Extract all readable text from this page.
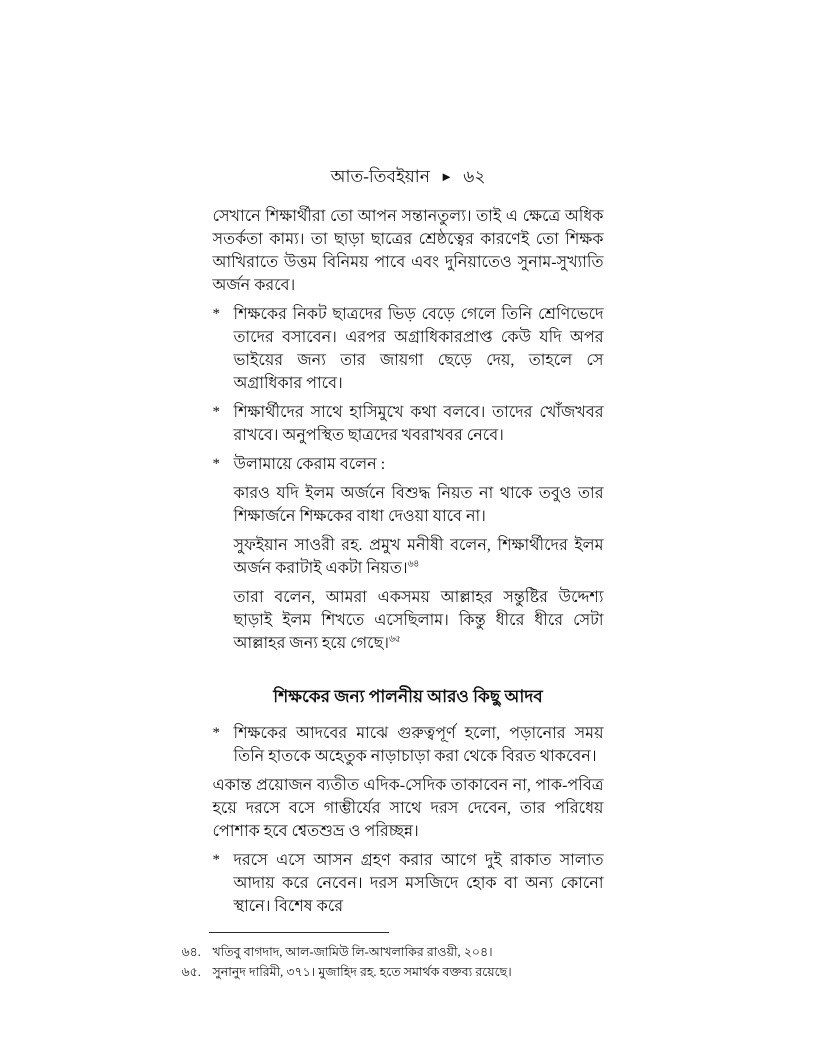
আত-তিবইয়ান ► ৬২

সেখানে শিক্ষার্থীরা তো আপন সন্তানতুল্য। তাই এ ক্ষেত্রে অধিক সতর্কতা কাম্য। তা ছাড়া ছাত্রের শ্রেষ্ঠত্বের কারণেই তো শিক্ষক আখিরাতে উত্তম বিনিময় পাবে এবং দুনিয়াতেও সুনাম-সুখ্যাতি অর্জন করবে।

* শিক্ষকের নিকট ছাত্রদের ভিড় বেড়ে গেলে তিনি শ্রেণিভেদে তাদের বসাবেন। এরপর অগ্রাধিকারপ্রাপ্ত কেউ যদি অপর ভাইয়ের জন্য তার জায়গা ছেড়ে দেয়, তাহলে সে অগ্রাধিকার পাবে।
* শিক্ষার্থীদের সাথে হাসিমুখে কথা বলবে। তাদের খোঁজখবর রাখবে। অনুপস্থিত ছাত্রদের খবরাখবর নেবে।
* উলামায়ে কেরাম বলেন :

কারও যদি ইলম অর্জনে বিশুদ্ধ নিয়ত না থাকে তবুও তার শিক্ষার্জনে শিক্ষকের বাধা দেওয়া যাবে না।

সুফইয়ান সাওরী রহ. প্রমুখ মনীষী বলেন, শিক্ষার্থীদের ইলম অর্জন করাটাই একটা নিয়ত।$^{৬৪}$

তারা বলেন, আমরা একসময় আল্লাহর সন্তুষ্টির উদ্দেশ্য ছাড়াই ইলম শিখতে এসেছিলাম। কিন্তু ধীরে ধীরে সেটা আল্লাহর জন্য হয়ে গেছে।$^{৬৫}$

শিক্ষকের জন্য পালনীয় আরও কিছু আদব
* শিক্ষকের আদবের মাঝে গুরুত্বপূর্ণ হলো, পড়ানোর সময় তিনি হাতকে অহেতুক নাড়াচাড়া করা থেকে বিরত থাকবেন।

একান্ত প্রয়োজন ব্যতীত এদিক-সেদিক তাকাবেন না, পাক-পবিত্র হয়ে দরসে বসে গাম্ভীর্যের সাথে দরস দেবেন, তার পরিধেয় পোশাক হবে শ্বেতশুভ্র ও পরিচ্ছন্ন।

* দরসে এসে আসন গ্রহণ করার আগে দুই রাকাত সালাত আদায় করে নেবেন। দরস মসজিদে হোক বা অন্য কোনো স্থানে। বিশেষ করে
৬৪. খতিবু বাগদাদ, আল-জামিউ লি-আখলাকির রাওয়ী, ২০৪।
৬৫. সুনানুদ দারিমী, ৩৭১। মুজাহিদ রহ. হতে সমার্থক বক্তব্য রয়েছে।
